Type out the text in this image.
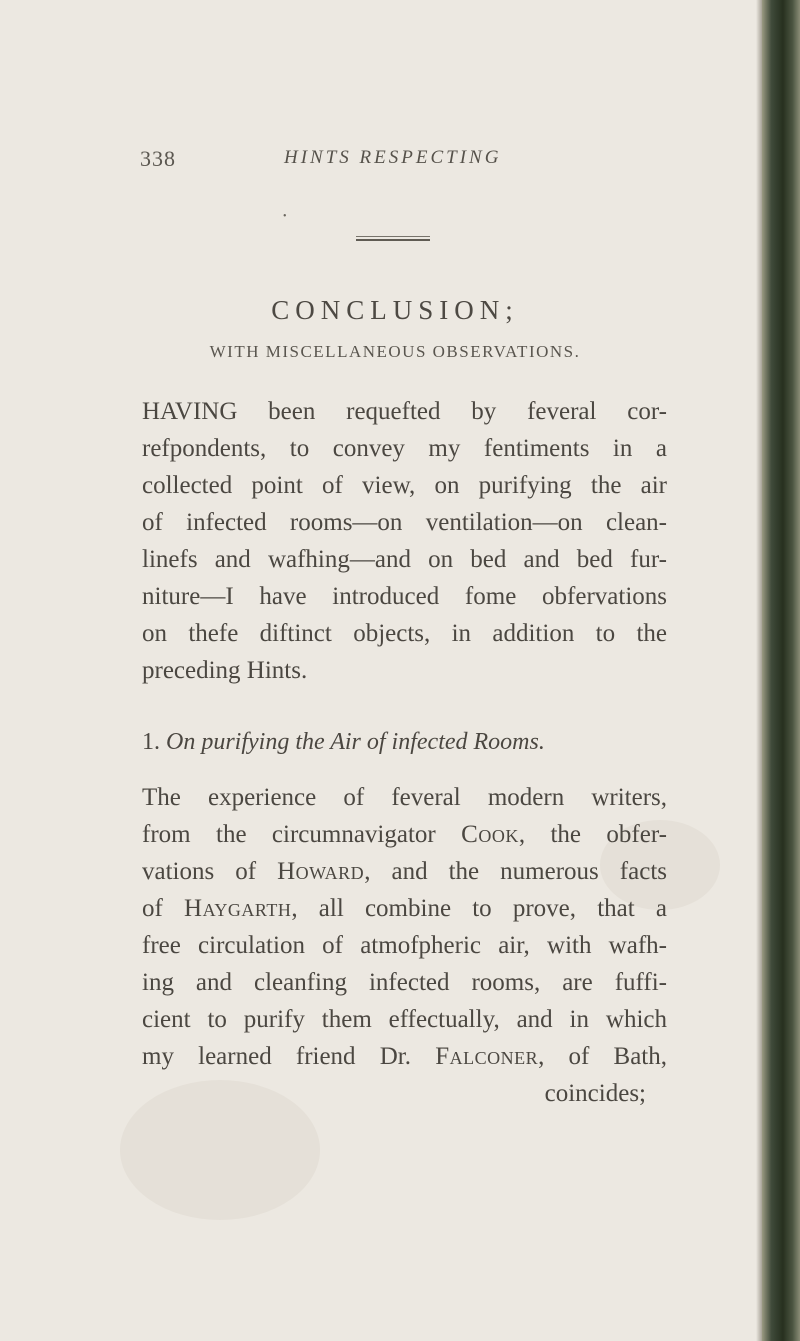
338	HINTS RESPECTING
•
CONCLUSION;
WITH MISCELLANEOUS OBSERVATIONS.
HAVING been requefted by feveral cor-
refpondents, to convey my fentiments in a
collected point of view, on purifying the air
of infected rooms—on ventilation—on clean-
linefs and wafhing—and on bed and bed fur-
niture—I have introduced fome obfervations
on thefe diftinct objects, in addition to the
preceding Hints.
1. On purifying the Air of infected Rooms.
The experience of feveral modern writers,
from the circumnavigator Cook, the obfer-
vations of Howard, and the numerous facts
of Haygarth, all combine to prove, that a
free circulation of atmofpheric air, with wafh-
ing and cleanfing infected rooms, are fuffi-
cient to purify them effectually, and in which
my learned friend Dr. Falconer, of Bath,
coincides;
